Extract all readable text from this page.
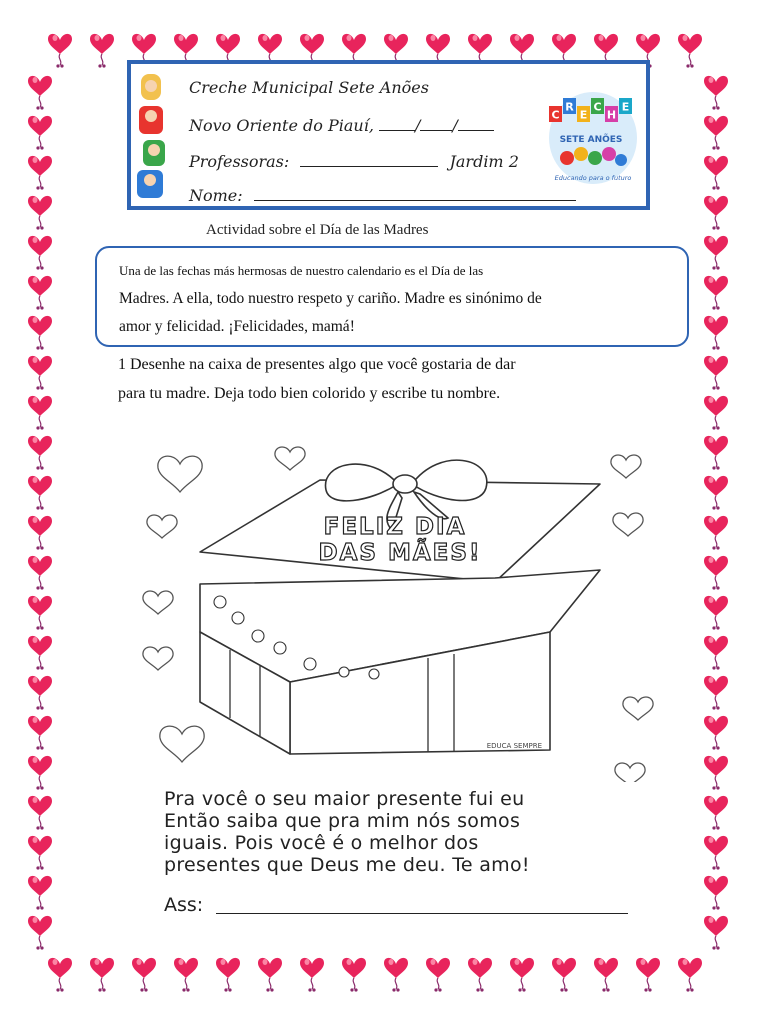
Creche Municipal Sete Anões
Novo Oriente do Piauí,	/ /
Professoras:	Jardim 2
Nome:
C
R
E
C
H
E
SETE ANÕES
Educando para o futuro
Actividad sobre el Día de las Madres
Una de las fechas más hermosas de nuestro calendario es el Día de las
Madres. A ella, todo nuestro respeto y cariño. Madre es sinónimo de
amor y felicidad. ¡Felicidades, mamá!
1 Desenhe na caixa de presentes algo que você gostaria de dar
para tu madre. Deja todo bien colorido y escribe tu nombre.
FELIZ DIA
DAS MÃES!
EDUCA SEMPRE
Pra você o seu maior presente fui eu
Então saiba que pra mim nós somos
iguais. Pois você é o melhor dos
presentes que Deus me deu. Te amo!
Ass:
